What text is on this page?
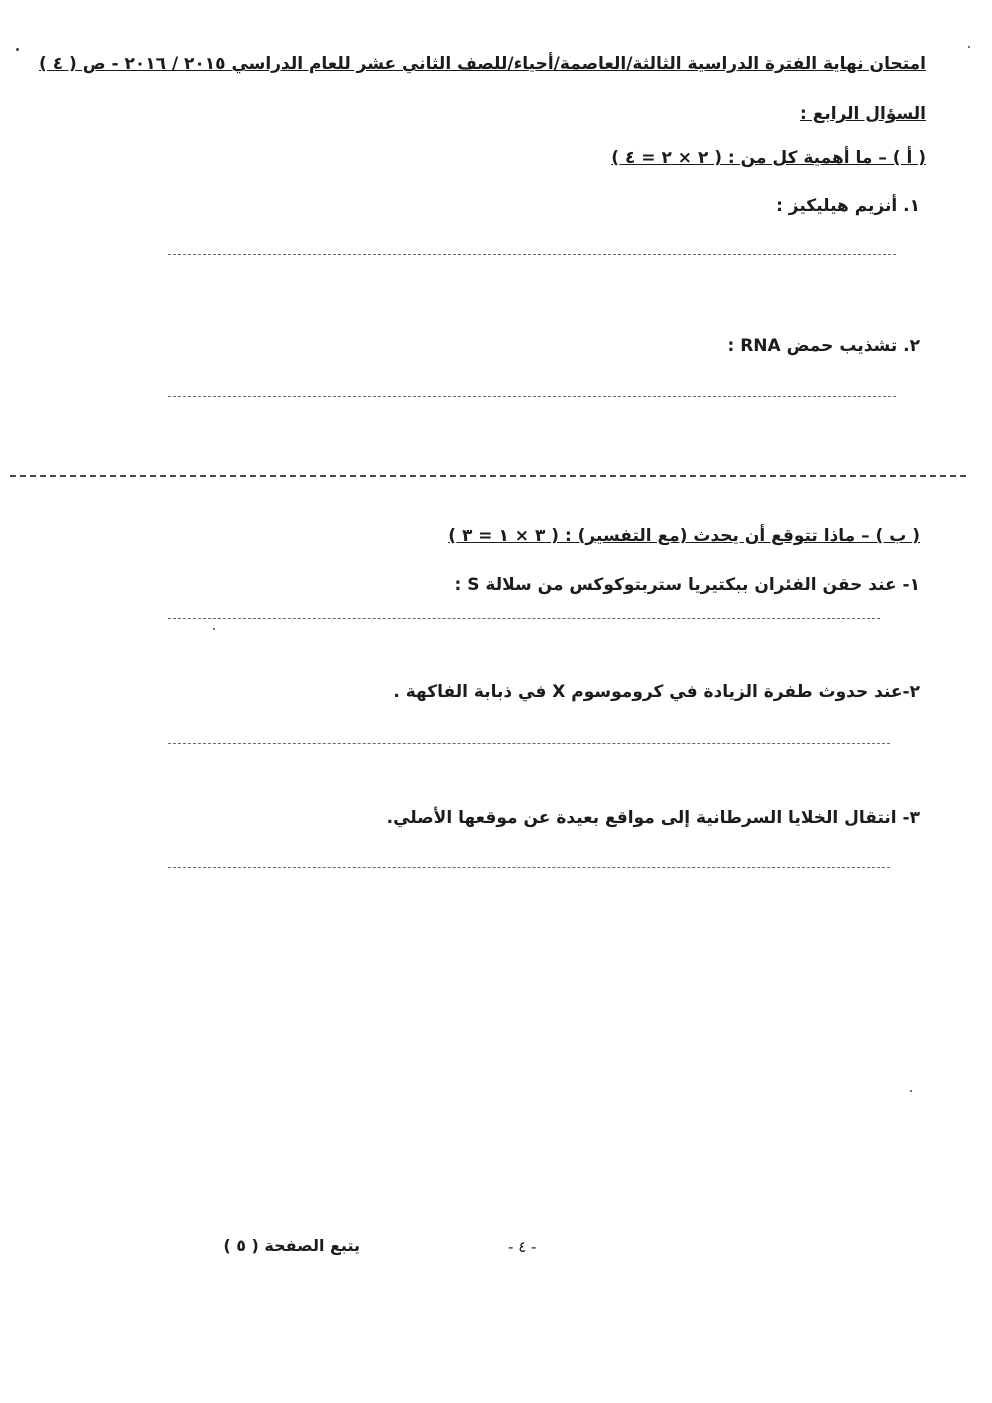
امتحان نهاية الفترة الدراسية الثالثة/العاصمة/أحياء/للصف الثاني عشر للعام الدراسي ٢٠١٥ / ٢٠١٦ - ص ( ٤ )
السؤال الرابع :
( أ ) – ما أهمية كل من : ( ٢ × ٢ = ٤ )
١. أنزيم هيليكيز :
٢. تشذيب حمض RNA :
( ب ) – ماذا تتوقع أن يحدث (مع التفسير) : ( ٣ × ١ = ٣ )
١- عند حقن الفئران ببكتيريا ستربتوكوكس من سلالة S :
٢-عند حدوث طفرة الزيادة في كروموسوم X في ذبابة الفاكهة .
٣- انتقال الخلايا السرطانية إلى مواقع بعيدة عن موقعها الأصلي.
- ٤ -
يتبع الصفحة ( ٥ )
